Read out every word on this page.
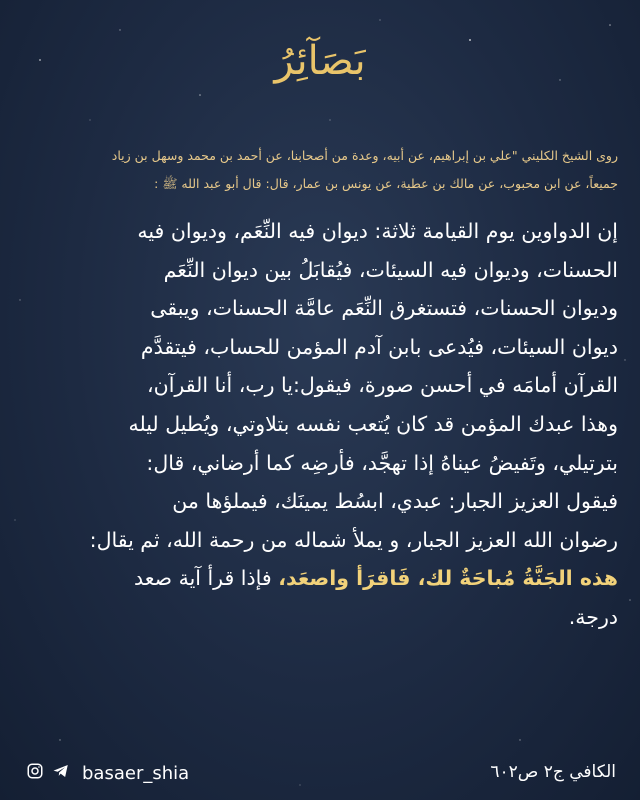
بَصَآئِرُ
روى الشيخ الكليني "علي بن إبراهيم، عن أبيه، وعدة من أصحابنا، عن أحمد بن محمد وسهل بن زياد
جميعاً، عن ابن محبوب، عن مالك بن عطية، عن يونس بن عمار، قال: قال أبو عبد الله ﷺ :
إن الدواوين يوم القيامة ثلاثة: ديوان فيه النِّعَم، وديوان فيه
الحسنات، وديوان فيه السيئات، فيُقابَلُ بين ديوان النِّعَم
وديوان الحسنات، فتستغرق النِّعَم عامَّة الحسنات، ويبقى
ديوان السيئات، فيُدعى بابن آدم المؤمن للحساب، فيتقدَّم
القرآن أمامَه في أحسن صورة، فيقول:يا رب، أنا القرآن،
وهذا عبدك المؤمن قد كان يُتعب نفسه بتلاوتي، ويُطيل ليله
بترتيلي، وتَفيضُ عيناهُ إذا تهجَّد، فأرضِه كما أرضاني، قال:
فيقول العزيز الجبار: عبدي، ابسُط يمينَك، فيملؤها من
رضوان الله العزيز الجبار، و يملأ شماله من رحمة الله، ثم يقال:
هذه الجَنَّةُ مُباحَةٌ لك، فَاقرَأ واصعَد، فإذا قرأ آية صعد
درجة.
basaer_shia	الكافي ج٢ ص٦٠٢
